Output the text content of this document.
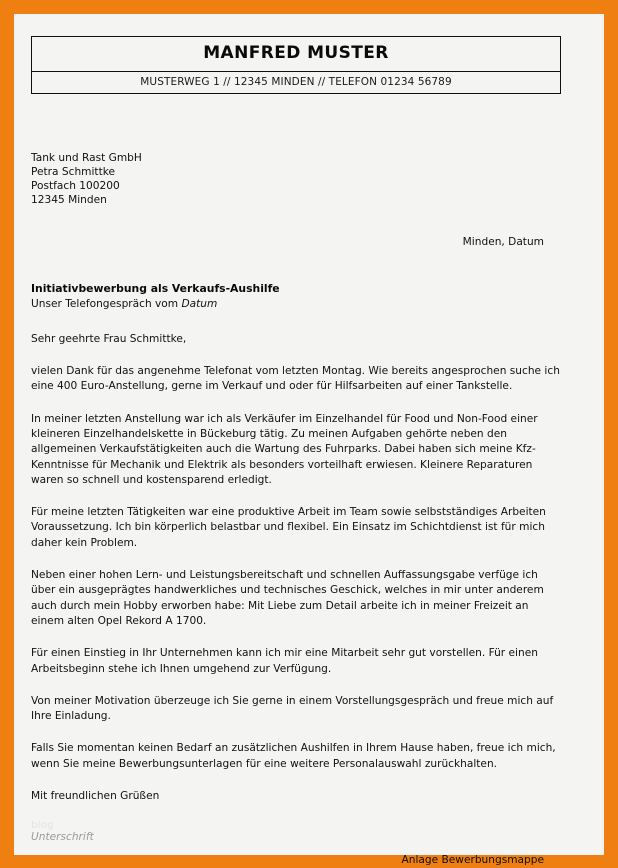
MANFRED MUSTER
MUSTERWEG 1 // 12345 MINDEN // TELEFON 01234 56789
Tank und Rast GmbH
Petra Schmittke
Postfach 100200
12345 Minden
Minden, Datum
Initiativbewerbung als Verkaufs-Aushilfe
Unser Telefongespräch vom Datum
Sehr geehrte Frau Schmittke,
vielen Dank für das angenehme Telefonat vom letzten Montag. Wie bereits angesprochen suche ich eine 400 Euro-Anstellung, gerne im Verkauf und oder für Hilfsarbeiten auf einer Tankstelle.
In meiner letzten Anstellung war ich als Verkäufer im Einzelhandel für Food und Non-Food einer kleineren Einzelhandelskette in Bückeburg tätig. Zu meinen Aufgaben gehörte neben den allgemeinen Verkaufstätigkeiten auch die Wartung des Fuhrparks. Dabei haben sich meine Kfz-Kenntnisse für Mechanik und Elektrik als besonders vorteilhaft erwiesen. Kleinere Reparaturen waren so schnell und kostensparend erledigt.
Für meine letzten Tätigkeiten war eine produktive Arbeit im Team sowie selbstständiges Arbeiten Voraussetzung. Ich bin körperlich belastbar und flexibel. Ein Einsatz im Schichtdienst ist für mich daher kein Problem.
Neben einer hohen Lern- und Leistungsbereitschaft und schnellen Auffassungsgabe verfüge ich über ein ausgeprägtes handwerkliches und technisches Geschick, welches in mir unter anderem auch durch mein Hobby erworben habe: Mit Liebe zum Detail arbeite ich in meiner Freizeit an einem alten Opel Rekord A 1700.
Für einen Einstieg in Ihr Unternehmen kann ich mir eine Mitarbeit sehr gut vorstellen. Für einen Arbeitsbeginn stehe ich Ihnen umgehend zur Verfügung.
Von meiner Motivation überzeuge ich Sie gerne in einem Vorstellungsgespräch und freue mich auf Ihre Einladung.
Falls Sie momentan keinen Bedarf an zusätzlichen Aushilfen in Ihrem Hause haben, freue ich mich, wenn Sie meine Bewerbungsunterlagen für eine weitere Personalauswahl zurückhalten.
Mit freundlichen Grüßen
Unterschrift
Anlage Bewerbungsmappe
blog
